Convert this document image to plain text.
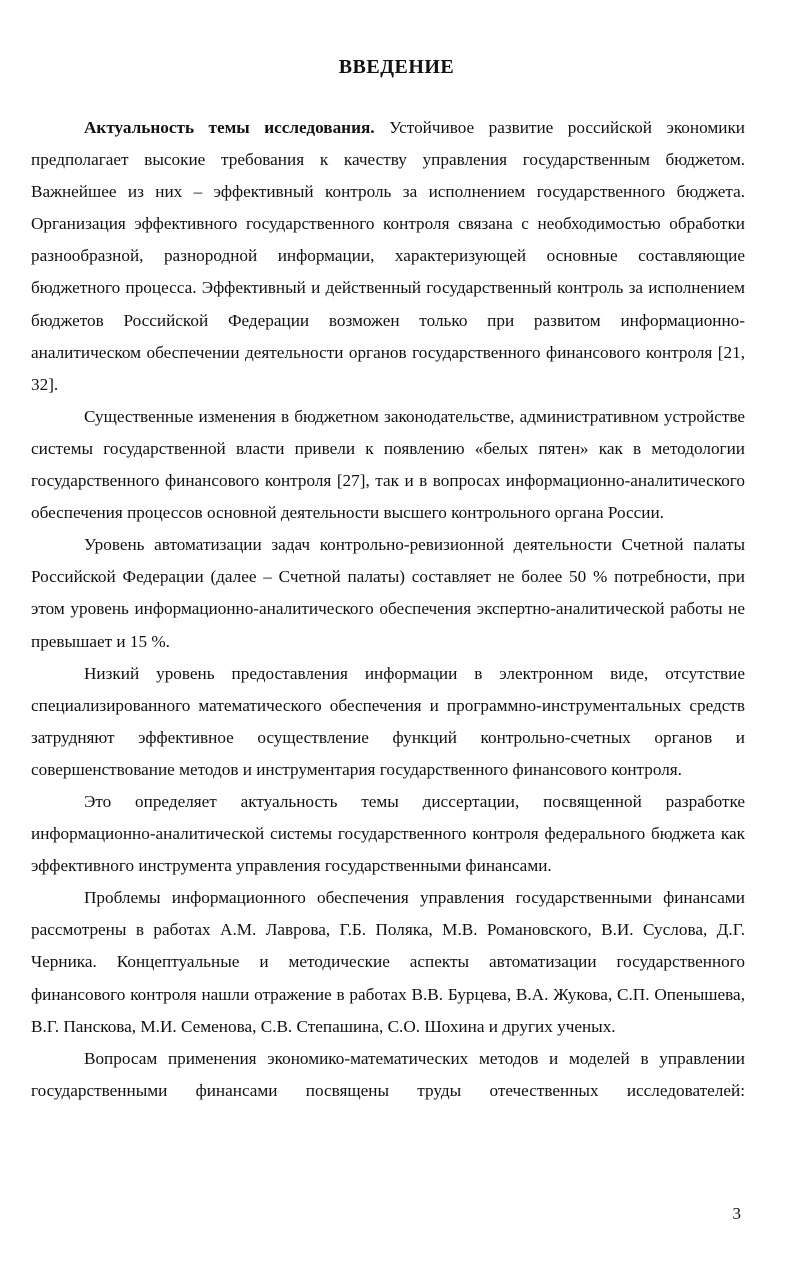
ВВЕДЕНИЕ

Актуальность темы исследования. Устойчивое развитие российской экономики предполагает высокие требования к качеству управления государственным бюджетом. Важнейшее из них – эффективный контроль за исполнением государственного бюджета. Организация эффективного государственного контроля связана с необходимостью обработки разнообразной, разнородной информации, характеризующей основные составляющие бюджетного процесса. Эффективный и действенный государственный контроль за исполнением бюджетов Российской Федерации возможен только при развитом информационно-аналитическом обеспечении деятельности органов государственного финансового контроля [21, 32].

Существенные изменения в бюджетном законодательстве, административном устройстве системы государственной власти привели к появлению «белых пятен» как в методологии государственного финансового контроля [27], так и в вопросах информационно-аналитического обеспечения процессов основной деятельности высшего контрольного органа России.

Уровень автоматизации задач контрольно-ревизионной деятельности Счетной палаты Российской Федерации (далее – Счетной палаты) составляет не более 50 % потребности, при этом уровень информационно-аналитического обеспечения экспертно-аналитической работы не превышает и 15 %.

Низкий уровень предоставления информации в электронном виде, отсутствие специализированного математического обеспечения и программно-инструментальных средств затрудняют эффективное осуществление функций контрольно-счетных органов и совершенствование методов и инструментария государственного финансового контроля.

Это определяет актуальность темы диссертации, посвященной разработке информационно-аналитической системы государственного контроля федерального бюджета как эффективного инструмента управления государственными финансами.

Проблемы информационного обеспечения управления государственными финансами рассмотрены в работах А.М. Лаврова, Г.Б. Поляка, М.В. Романовского, В.И. Суслова, Д.Г. Черника. Концептуальные и методические аспекты автоматизации государственного финансового контроля нашли отражение в работах В.В. Бурцева, В.А. Жукова, С.П. Опенышева, В.Г. Панскова, М.И. Семенова, С.В. Степашина, С.О. Шохина и других ученых.

Вопросам применения экономико-математических методов и моделей в управлении государственными финансами посвящены труды отечественных исследователей:

3
